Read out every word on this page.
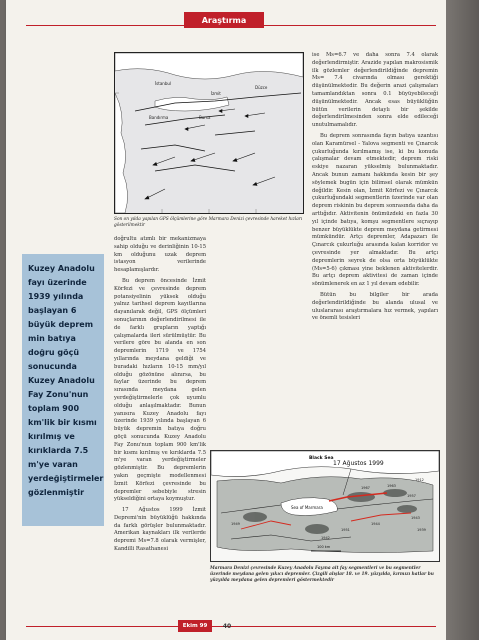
Araştırma
İstanbul
İzmit
Bandırma
Düzce
Bursa
Son on yılda yapılan GPS ölçümlerine göre Marmara Denizi çevresinde hareket hızları gösterilmektir
Kuzey Anadolu fayı üzerinde 1939 yılında başlayan 6 büyük deprem min batıya doğru göçü sonucunda Kuzey Anadolu Fay Zonu'nun toplam 900 km'lik bir kısmı kırılmış ve kırıklarda 7.5 m'ye varan yerdeğiştirmeler gözlenmiştir

doğrultu atımlı bir mekanizmaya sahip olduğu ve derinliğinin 10-15 km olduğunu uzak deprem istasyon verilerinde hesaplamışlardır.

Bu deprem öncesinde İzmit Körfezi ve çevresinde deprem potansiyelinin yüksek olduğu yalnız tarihsel deprem kayıtlarına dayanılarak değil, GPS ölçümleri sonuçlarının değerlendirilmesi ile de farklı grupların yaptığı çalışmalarda ileri sürülmüştür. Bu verilere göre bu alanda en son depremlerin 1719 ve 1754 yıllarında meydana geldiği ve buradaki hızların 10-15 mm/yıl olduğu gözönüne alınırsa, bu faylar üzerinde bu deprem sırasında meydana gelen yerdeğiştirmelerle çok uyumlu olduğu anlaşılmaktadır. Bunun yanısıra Kuzey Anadolu fayı üzerinde 1939 yılında başlayan 6 büyük depremin batıya doğru göçü sonucunda Kuzey Anadolu Fay Zonu'nun toplam 900 km'lik bir kısmı kırılmış ve kırıklarda 7.5 m'ye varan yerdeğiştirmeler gözlenmiştir. Bu depremlerin yakın geçmişte modellenmesi İzmit Körfezi çevresinde bu depremler sebebiyle stresin yükseldiğini ortaya koymuştur.

17 Ağustos 1999 İzmit Depremi'nin büyüklüğü hakkında da farklı görüşler bulunmaktadır. Amerikan kaynakları ilk verilerde depremi Ms=7.8 olarak vermişler, Kandilli Rasathanesi

ise Ms=6.7 ve daha sonra 7.4 olarak değerlendirmiştir. Arazide yapılan makrosismik ilk gözlemler değerlendirildiğinde depremin Ms= 7.4 civarında olması gerektiği düşünülmektedir. Bu değerin arazi çalışmaları tamamlandıktan sonra 0.1 büyüyebileceği düşünülmektedir. Ancak esas büyüklüğün bütün verilerin detaylı bir şekilde değerlendirilmesinden sonra elde edileceği unutulmamalıdır.

Bu deprem sonrasında fayın batıya uzantısı olan Karamürsel - Yalova segmenti ve Çınarcık çukurluğunda kırılmamış ise, ki bu konuda çalışmalar devam etmektedir, deprem riski eskiye nazaran yükselmiş bulunmaktadır. Ancak bunun zamanı hakkında kesin bir şey söylemek bugün için bilimsel olarak mümkün değildir. Kesin olan, İzmit Körfezi ve Çınarcık çukurluğundaki segmentlerin üzerinde var olan deprem riskinin bu deprem sonrasında daha da arttığıdır. Aktivitenin önümüzdeki en fazla 30 yıl içinde batıya, komşu segmentlere sıçrayıp benzer büyüklükte deprem meydana getirmesi mümkündür. Artçı depremler, Adapazarı ile Çınarcık çukurluğu arasında kalan korridor ve çevresinde yer almaktadır. Bu artçı depremlerin seyrek de olsa orta büyüklükte (Ms=5-6) çıkması yine beklenen aktivitelerdir. Bu artçı deprem aktivitesi de zaman içinde sönümlenerek en az 1 yıl devam edebilir.

Bütün bu bilgiler bir arada değerlendirildiğinde bu alanda ulusal ve uluslararası araştırmalara hız vermek, yapıları ve önemli tesisleri

17 Ağustos 1999
Black Sea
Sea of Marmara
1912
1963
1957
1967
1943
1944
1939
1951
1942
1949
100 km
Marmara Denizi çevresinde Kuzey Anadolu Fayına ait fay segmentleri ve bu segmentler üzerinde meydana gelen yıkıcı depremler. Çizgili alışlar 18. ve 19. yüzyılda, kırmızı hatlar bu yüzyılda meydana gelen depremleri göstermektedir
Ekim 99	40
